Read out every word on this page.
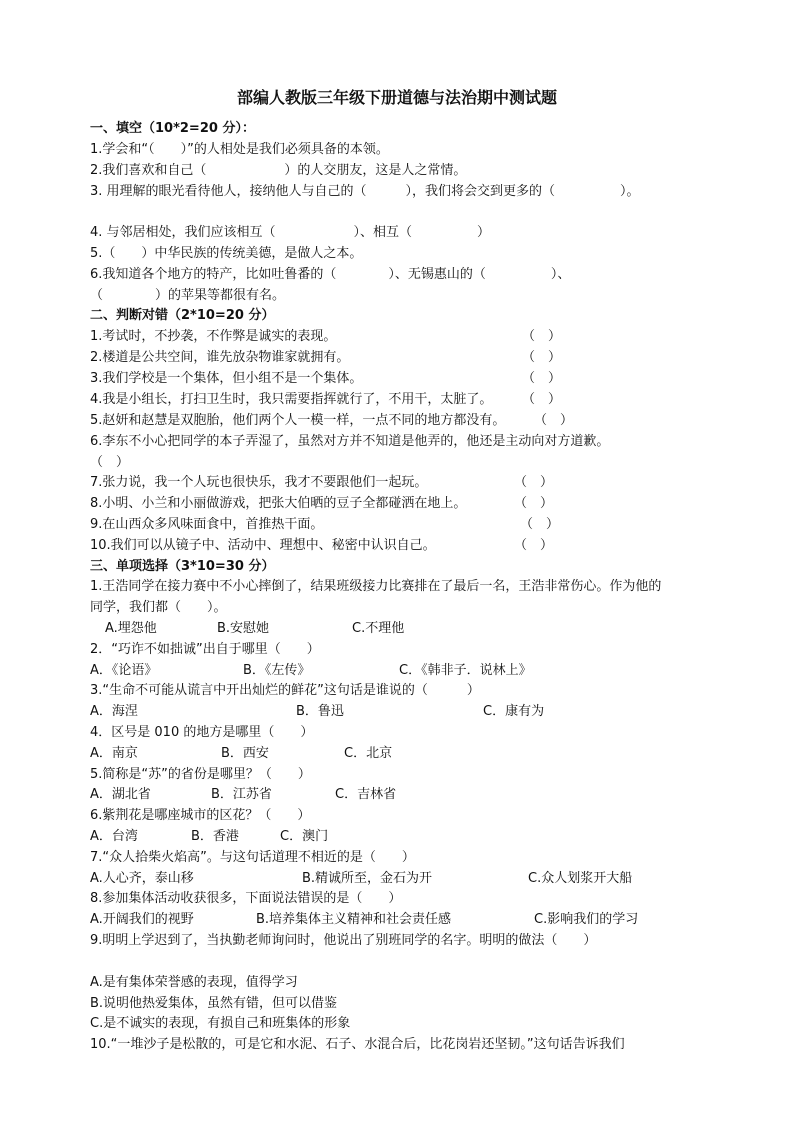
部编人教版三年级下册道德与法治期中测试题
一、填空（10*2=20 分）：
1.学会和“（　　）”的人相处是我们必须具备的本领。
2.我们喜欢和自己（　　　　　　）的人交朋友，这是人之常情。
3. 用理解的眼光看待他人，接纳他人与自己的（　　　），我们将会交到更多的（　　　　　）。
4. 与邻居相处，我们应该相互（　　　　　　）、相互（　　　　　）
5.（　　）中华民族的传统美德，是做人之本。
6.我知道各个地方的特产，比如吐鲁番的（　　　　）、无锡惠山的（　　　　　）、
（　　　　）的苹果等都很有名。
二、判断对错（2*10=20 分）
1.考试时，不抄袭，不作弊是诚实的表现。	（　）
2.楼道是公共空间，谁先放杂物谁家就拥有。	（　）
3.我们学校是一个集体，但小组不是一个集体。	（　）
4.我是小组长，打扫卫生时，我只需要指挥就行了，不用干，太脏了。 （　）
5.赵妍和赵慧是双胞胎，他们两个人一模一样，一点不同的地方都没有。 （　）
6.李东不小心把同学的本子弄湿了，虽然对方并不知道是他弄的，他还是主动向对方道歉。
（　）
7.张力说，我一个人玩也很快乐，我才不要跟他们一起玩。	（　）
8.小明、小兰和小丽做游戏，把张大伯晒的豆子全都碰洒在地上。	（　）
9.在山西众多风味面食中，首推热干面。	（　）
10.我们可以从镜子中、活动中、理想中、秘密中认识自己。	（　）
三、单项选择（3*10=30 分）
1.王浩同学在接力赛中不小心摔倒了，结果班级接力比赛排在了最后一名，王浩非常伤心。作为他的
同学，我们都（　　）。
A.埋怨他	B.安慰她	C.不理他
2．“巧诈不如拙诚”出自于哪里（　　）
A．《论语》	B．《左传》	C．《韩非子．说林上》
3.“生命不可能从谎言中开出灿烂的鲜花”这句话是谁说的（　　　）
A．海涅	B．鲁迅	C．康有为
4．区号是 010 的地方是哪里（　　）
A．南京	B．西安	C．北京
5.简称是“苏”的省份是哪里？（　　）
A．湖北省	B．江苏省	C．吉林省
6.紫荆花是哪座城市的区花？（　　）
A．台湾	B．香港	C．澳门
7.“众人拾柴火焰高”。与这句话道理不相近的是（　　）
A.人心齐，泰山移	B.精诚所至，金石为开	C.众人划浆开大船
8.参加集体活动收获很多，下面说法错误的是（　　）
A.开阔我们的视野	B.培养集体主义精神和社会责任感	C.影响我们的学习
9.明明上学迟到了，当执勤老师询问时，他说出了别班同学的名字。明明的做法（　　）
A.是有集体荣誉感的表现，值得学习
B.说明他热爱集体，虽然有错，但可以借鉴
C.是不诚实的表现，有损自己和班集体的形象
10.“一堆沙子是松散的，可是它和水泥、石子、水混合后，比花岗岩还坚韧。”这句话告诉我们
